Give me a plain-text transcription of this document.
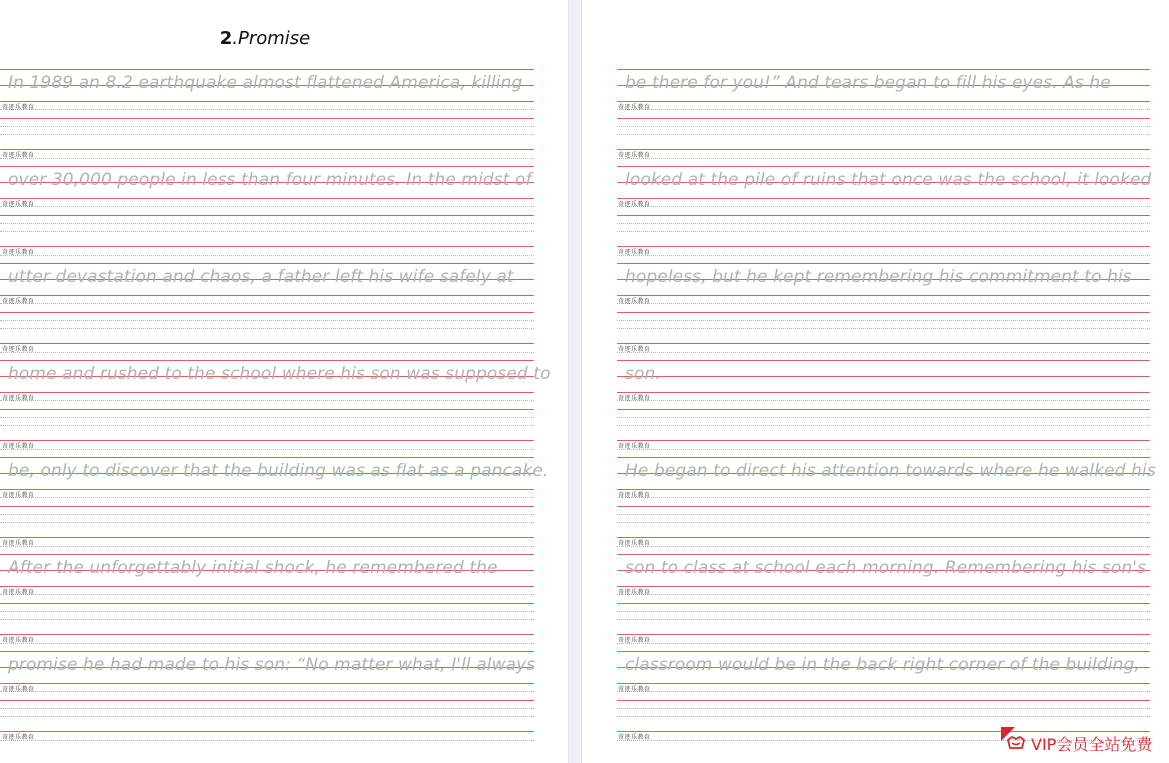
2.Promise
In 1989 an 8.2 earthquake almost flattened America, killing
奇迹乐教育
奇迹乐教育
over 30,000 people in less than four minutes. In the midst of
奇迹乐教育
奇迹乐教育
utter devastation and chaos, a father left his wife safely at
奇迹乐教育
奇迹乐教育
home and rushed to the school where his son was supposed to
奇迹乐教育
奇迹乐教育
be, only to discover that the building was as flat as a pancake.
奇迹乐教育
奇迹乐教育
After the unforgettably initial shock, he remembered the
奇迹乐教育
奇迹乐教育
promise he had made to his son: “No matter what, I'll always
奇迹乐教育
奇迹乐教育
be there for you!” And tears began to fill his eyes. As he
奇迹乐教育
奇迹乐教育
looked at the pile of ruins that once was the school, it looked
奇迹乐教育
奇迹乐教育
hopeless, but he kept remembering his commitment to his
奇迹乐教育
奇迹乐教育
son.
奇迹乐教育
奇迹乐教育
He began to direct his attention towards where he walked his
奇迹乐教育
奇迹乐教育
son to class at school each morning. Remembering his son's
奇迹乐教育
奇迹乐教育
classroom would be in the back right corner of the building,
奇迹乐教育
奇迹乐教育	VIP会员全站免费
